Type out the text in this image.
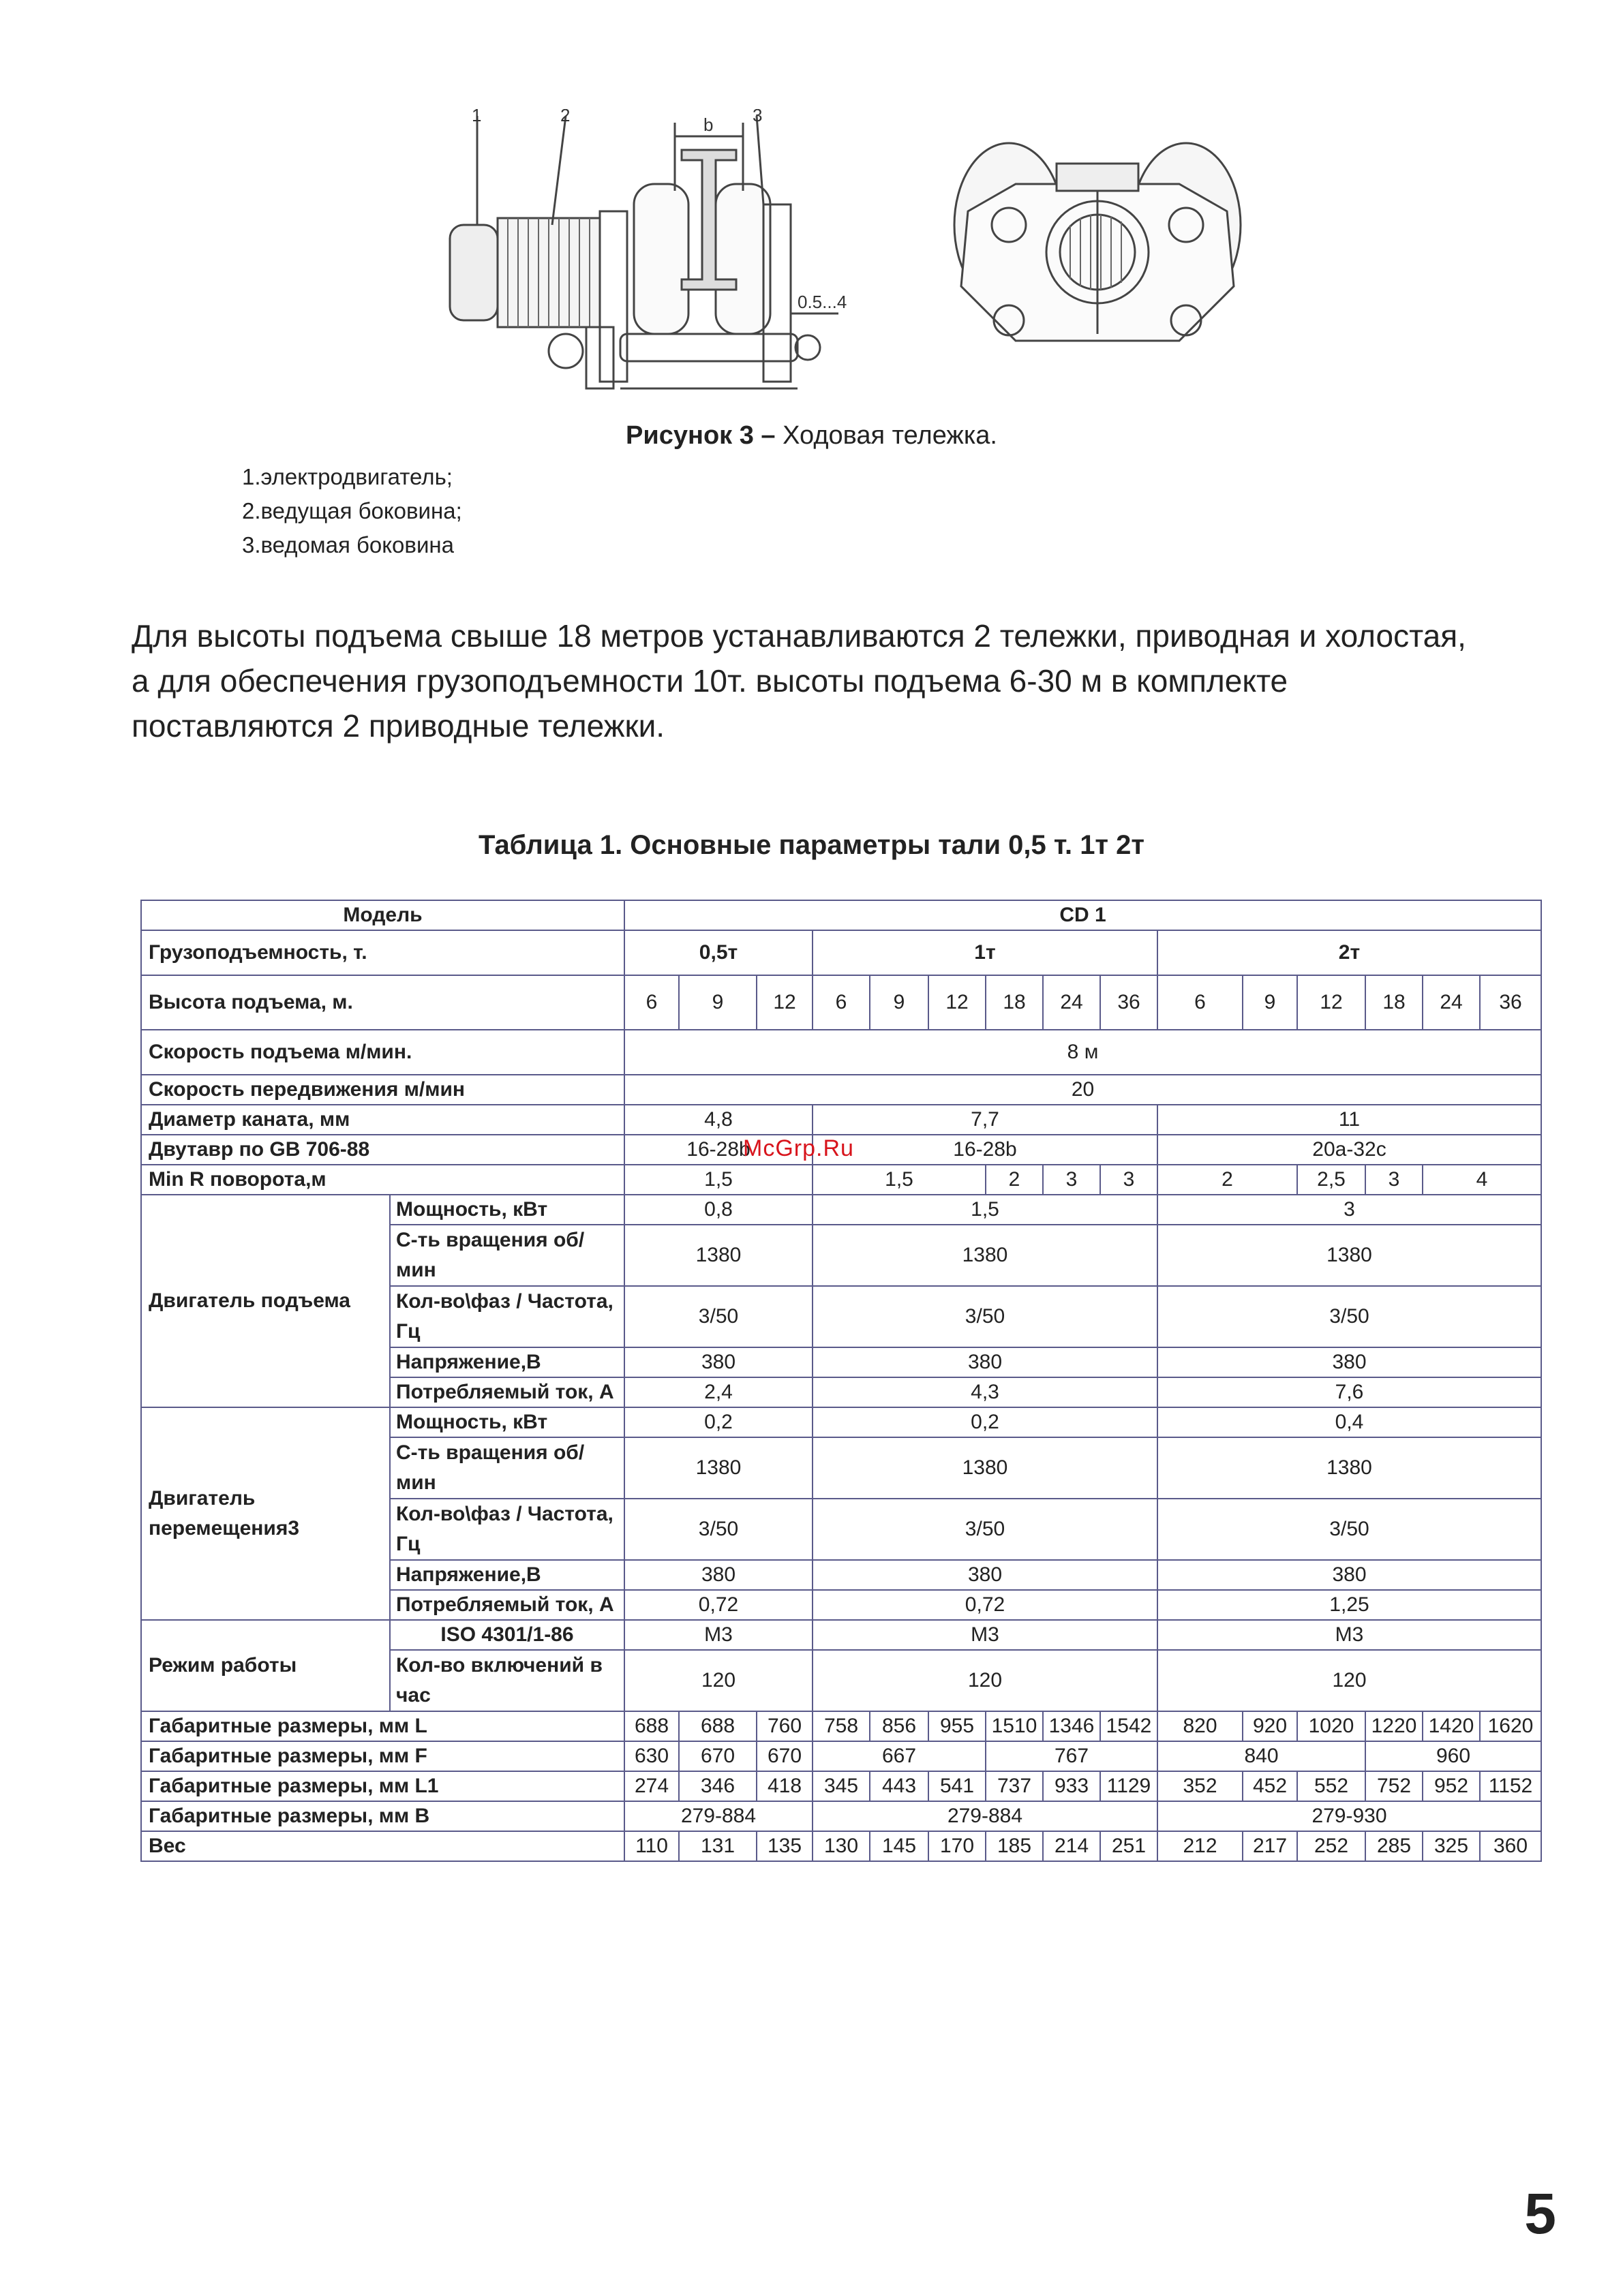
1	2	3
b
0.5...4
Рисунок 3 – Ходовая тележка.
1.электродвигатель;
2.ведущая боковина;
3.ведомая боковина
Для высоты подъема свыше 18 метров устанавливаются 2 тележки, приводная и холостая,
а для обеспечения грузоподъемности 10т. высоты подъема 6-30 м в комплекте
поставляются 2 приводные тележки.
Таблица 1. Основные параметры тали 0,5 т. 1т 2т
Модель		CD 1														
Грузоподъемность, т.		0,5т			1т						2т					
Высота подъема, м.		6	9	12	6	9	12	18	24	36	6	9	12	18	24	36
Скорость подъема м/мин.		8 м														
Скорость передвижения м/мин		20														
Диаметр каната, мм		4,8			7,7						11					
Двутавр по GB 706-88		16-28b			16-28b						20a-32c					
Min R поворота,м		1,5			1,5			2	3	3	2		2,5	3	4	
Двигатель подъема	Мощность, кВт	0,8			1,5						3					
	С-ть вращения об/мин	1380			1380						1380					
	Кол-во\фаз / Частота, Гц	3/50			3/50						3/50					
	Напряжение,В	380			380						380					
	Потребляемый ток, А	2,4			4,3						7,6					
Двигатель перемещения3	Мощность, кВт	0,2			0,2						0,4					
	С-ть вращения об/мин	1380			1380						1380					
	Кол-во\фаз / Частота, Гц	3/50			3/50						3/50					
	Напряжение,В	380			380						380					
	Потребляемый ток, А	0,72			0,72						1,25					
Режим работы	ISO 4301/1-86	M3			M3						M3					
	Кол-во включений в час	120			120						120					
Габаритные размеры, мм L		688	688	760	758	856	955	1510	1346	1542	820	920	1020	1220	1420	1620
Габаритные размеры, мм F		630	670	670	667			767			840			960		
Габаритные размеры, мм L1		274	346	418	345	443	541	737	933	1129	352	452	552	752	952	1152
Габаритные размеры, мм B		279-884			279-884						279-930					
Вес		110	131	135	130	145	170	185	214	251	212	217	252	285	325	360
McGrp.Ru
5
